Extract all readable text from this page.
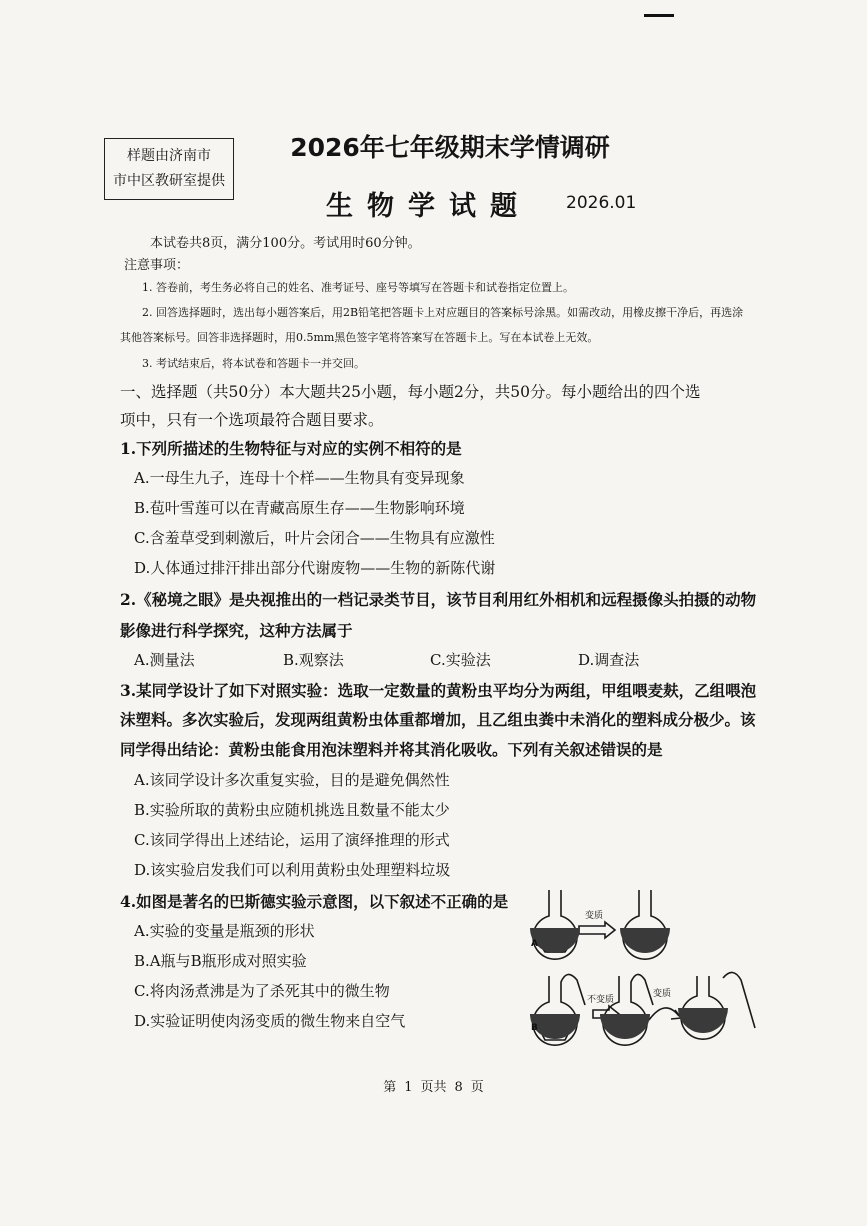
样题由济南市
市中区教研室提供
2026年七年级期末学情调研
生物学试题 2026.01
本试卷共8页，满分100分。考试用时60分钟。
注意事项：
1. 答卷前，考生务必将自己的姓名、准考证号、座号等填写在答题卡和试卷指定位置上。
2. 回答选择题时，选出每小题答案后，用2B铅笔把答题卡上对应题目的答案标号涂黑。如需改动，用橡皮擦干净后，再选涂
其他答案标号。回答非选择题时，用0.5mm黑色签字笔将答案写在答题卡上。写在本试卷上无效。
3. 考试结束后，将本试卷和答题卡一并交回。
一、选择题（共50分）本大题共25小题，每小题2分，共50分。每小题给出的四个选
项中，只有一个选项最符合题目要求。
1.下列所描述的生物特征与对应的实例不相符的是
A.一母生九子，连母十个样——生物具有变异现象
B.苞叶雪莲可以在青藏高原生存——生物影响环境
C.含羞草受到刺激后，叶片会闭合——生物具有应激性
D.人体通过排汗排出部分代谢废物——生物的新陈代谢
2.《秘境之眼》是央视推出的一档记录类节目，该节目利用红外相机和远程摄像头拍摄的动物
影像进行科学探究，这种方法属于
A.测量法	B.观察法	C.实验法	D.调查法
3.某同学设计了如下对照实验：选取一定数量的黄粉虫平均分为两组，甲组喂麦麸，乙组喂泡
沫塑料。多次实验后，发现两组黄粉虫体重都增加，且乙组虫粪中未消化的塑料成分极少。该
同学得出结论：黄粉虫能食用泡沫塑料并将其消化吸收。下列有关叙述错误的是
A.该同学设计多次重复实验，目的是避免偶然性
B.实验所取的黄粉虫应随机挑选且数量不能太少
C.该同学得出上述结论，运用了演绎推理的形式
D.该实验启发我们可以利用黄粉虫处理塑料垃圾
4.如图是著名的巴斯德实验示意图，以下叙述不正确的是
A.实验的变量是瓶颈的形状
B.A瓶与B瓶形成对照实验
C.将肉汤煮沸是为了杀死其中的微生物
D.实验证明使肉汤变质的微生物来自空气
A
B
变质
不变质
变质
第 1 页共 8 页
